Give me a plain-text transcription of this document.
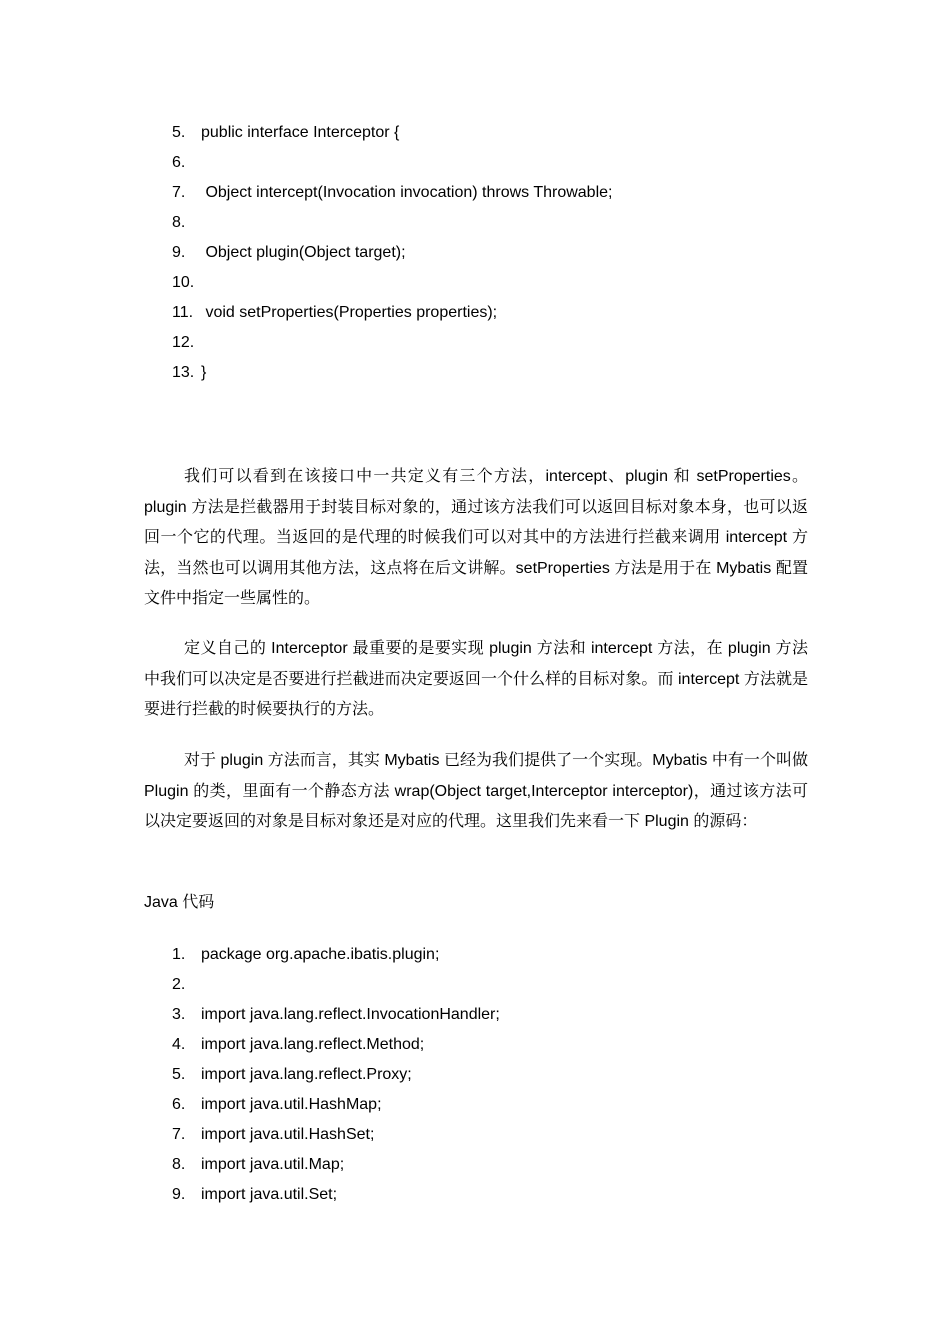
5. public interface Interceptor {
6.
7. Object intercept(Invocation invocation) throws Throwable;
8.
9. Object plugin(Object target);
10.
11. void setProperties(Properties properties);
12.
13. }

我们可以看到在该接口中一共定义有三个方法，intercept、plugin 和 setProperties。plugin 方法是拦截器用于封装目标对象的，通过该方法我们可以返回目标对象本身，也可以返回一个它的代理。当返回的是代理的时候我们可以对其中的方法进行拦截来调用 intercept 方法，当然也可以调用其他方法，这点将在后文讲解。setProperties 方法是用于在 Mybatis 配置文件中指定一些属性的。

定义自己的 Interceptor 最重要的是要实现 plugin 方法和 intercept 方法，在 plugin 方法中我们可以决定是否要进行拦截进而决定要返回一个什么样的目标对象。而 intercept 方法就是要进行拦截的时候要执行的方法。

对于 plugin 方法而言，其实 Mybatis 已经为我们提供了一个实现。Mybatis 中有一个叫做 Plugin 的类，里面有一个静态方法 wrap(Object target,Interceptor interceptor)，通过该方法可以决定要返回的对象是目标对象还是对应的代理。这里我们先来看一下 Plugin 的源码：

Java 代码
1. package org.apache.ibatis.plugin;
2.
3. import java.lang.reflect.InvocationHandler;
4. import java.lang.reflect.Method;
5. import java.lang.reflect.Proxy;
6. import java.util.HashMap;
7. import java.util.HashSet;
8. import java.util.Map;
9. import java.util.Set;
